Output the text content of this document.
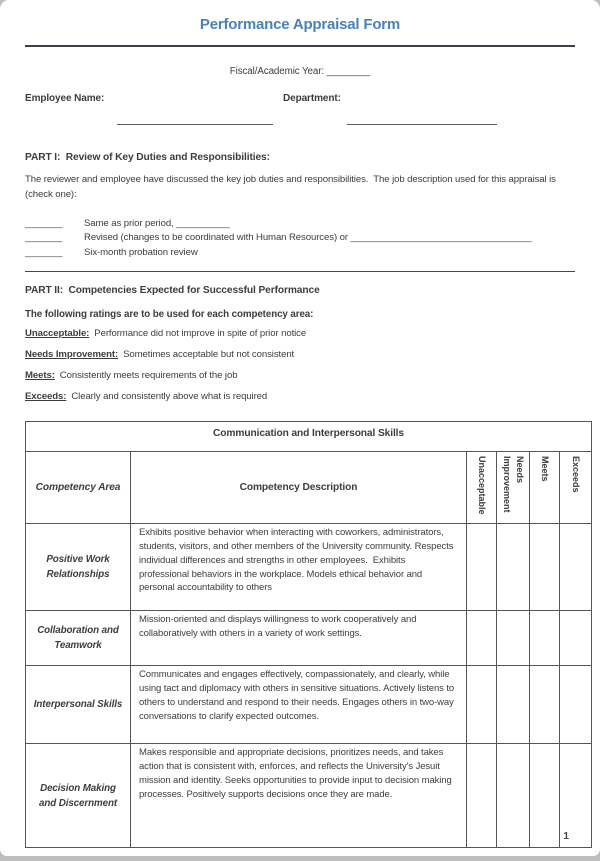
Performance Appraisal Form
Fiscal/Academic Year: ________
Employee Name:	Department:
PART I:  Review of Key Duties and Responsibilities:
The reviewer and employee have discussed the key job duties and responsibilities.  The job description used for this appraisal is (check one):
_______ Same as prior period, __________
_______ Revised (changes to be coordinated with Human Resources) or __________________________________
_______ Six-month probation review
PART II:  Competencies Expected for Successful Performance
The following ratings are to be used for each competency area:
Unacceptable: Performance did not improve in spite of prior notice
Needs Improvement: Sometimes acceptable but not consistent
Meets: Consistently meets requirements of the job
Exceeds: Clearly and consistently above what is required
Communication and Interpersonal Skills					
Competency Area	Competency Description	Unacceptable	Needs Improvement	Meets	Exceeds
Positive Work Relationships	Exhibits positive behavior when interacting with coworkers, administrators, students, visitors, and other members of the University community. Respects individual differences and strengths in other employees.  Exhibits professional behaviors in the workplace. Models ethical behavior and personal accountability to others				
Collaboration and Teamwork	Mission-oriented and displays willingness to work cooperatively and collaboratively with others in a variety of work settings.				
Interpersonal Skills	Communicates and engages effectively, compassionately, and clearly, while using tact and diplomacy with others in sensitive situations. Actively listens to others to understand and respond to their needs. Engages others in two-way conversations to clarify expected outcomes.				
Decision Making and Discernment	Makes responsible and appropriate decisions, prioritizes needs, and takes action that is consistent with, enforces, and reflects the University's Jesuit mission and identity. Seeks opportunities to provide input to decision making processes. Positively supports decisions once they are made.				
1
